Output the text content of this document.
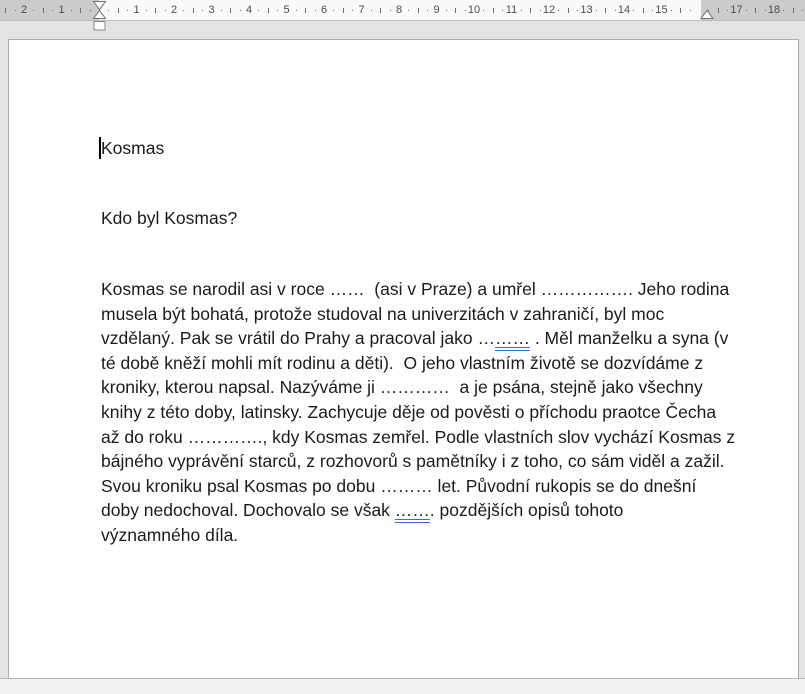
2	1	1	2	3	4	5	6	7	8	9	10 11 12 13 14 15	17 18
Kosmas
Kdo byl Kosmas?
Kosmas se narodil asi v roce ……  (asi v Praze) a umřel ……………. Jeho rodina
musela být bohatá, protože studoval na univerzitách v zahraničí, byl moc
vzdělaný. Pak se vrátil do Prahy a pracoval jako ……… . Měl manželku a syna (v
té době kněží mohli mít rodinu a děti).  O jeho vlastním životě se dozvídáme z
kroniky, kterou napsal. Nazýváme ji …………  a je psána, stejně jako všechny
knihy z této doby, latinsky. Zachycuje děje od pověsti o příchodu praotce Čecha
až do roku …………., kdy Kosmas zemřel. Podle vlastních slov vychází Kosmas z
bájného vyprávění starců, z rozhovorů s pamětníky i z toho, co sám viděl a zažil.
Svou kroniku psal Kosmas po dobu ……… let. Původní rukopis se do dnešní
doby nedochoval. Dochovalo se však ……. pozdějších opisů tohoto
významného díla.
